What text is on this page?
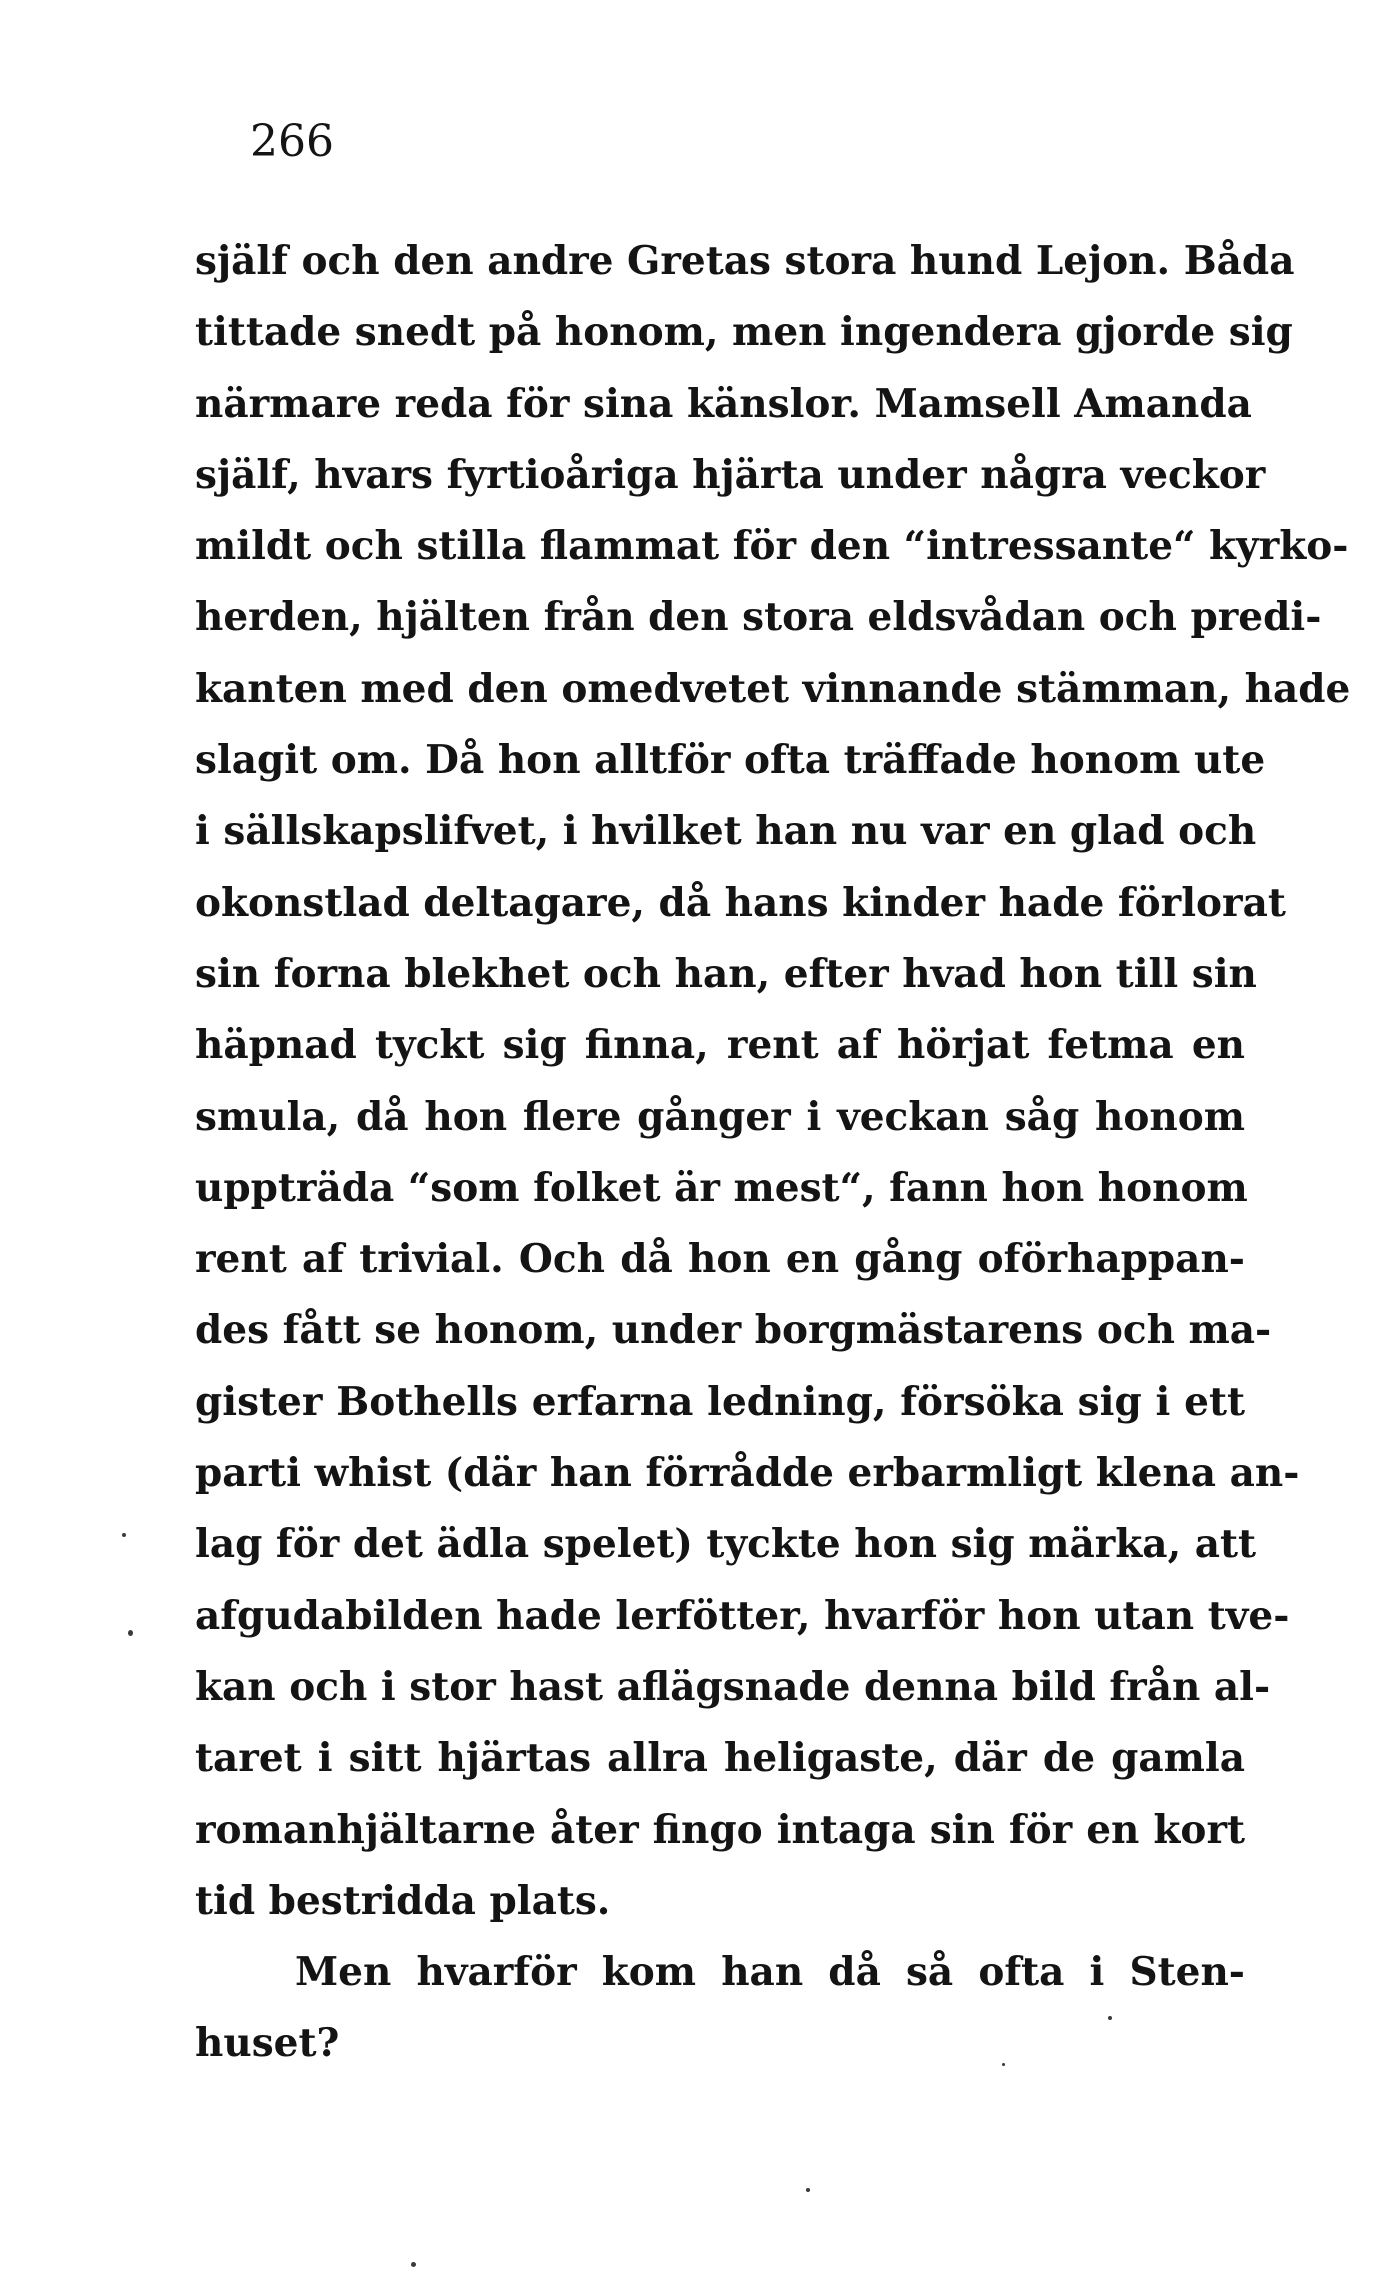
266
själf och den andre Gretas stora hund Lejon. Båda
tittade snedt på honom, men ingendera gjorde sig
närmare reda för sina känslor. Mamsell Amanda
själf, hvars fyrtioåriga hjärta under några veckor
mildt och stilla flammat för den “intressante“ kyrko-
herden, hjälten från den stora eldsvådan och predi-
kanten med den omedvetet vinnande stämman, hade
slagit om. Då hon alltför ofta träffade honom ute
i sällskapslifvet, i hvilket han nu var en glad och
okonstlad deltagare, då hans kinder hade förlorat
sin forna blekhet och han, efter hvad hon till sin
häpnad tyckt sig finna, rent af hörjat fetma en
smula, då hon flere gånger i veckan såg honom
uppträda “som folket är mest“, fann hon honom
rent af trivial. Och då hon en gång oförhappan-
des fått se honom, under borgmästarens och ma-
gister Bothells erfarna ledning, försöka sig i ett
parti whist (där han förrådde erbarmligt klena an-
lag för det ädla spelet) tyckte hon sig märka, att
afgudabilden hade lerfötter, hvarför hon utan tve-
kan och i stor hast aflägsnade denna bild från al-
taret i sitt hjärtas allra heligaste, där de gamla
romanhjältarne åter fingo intaga sin för en kort
tid bestridda plats.
Men hvarför kom han då så ofta i Sten-
huset?
